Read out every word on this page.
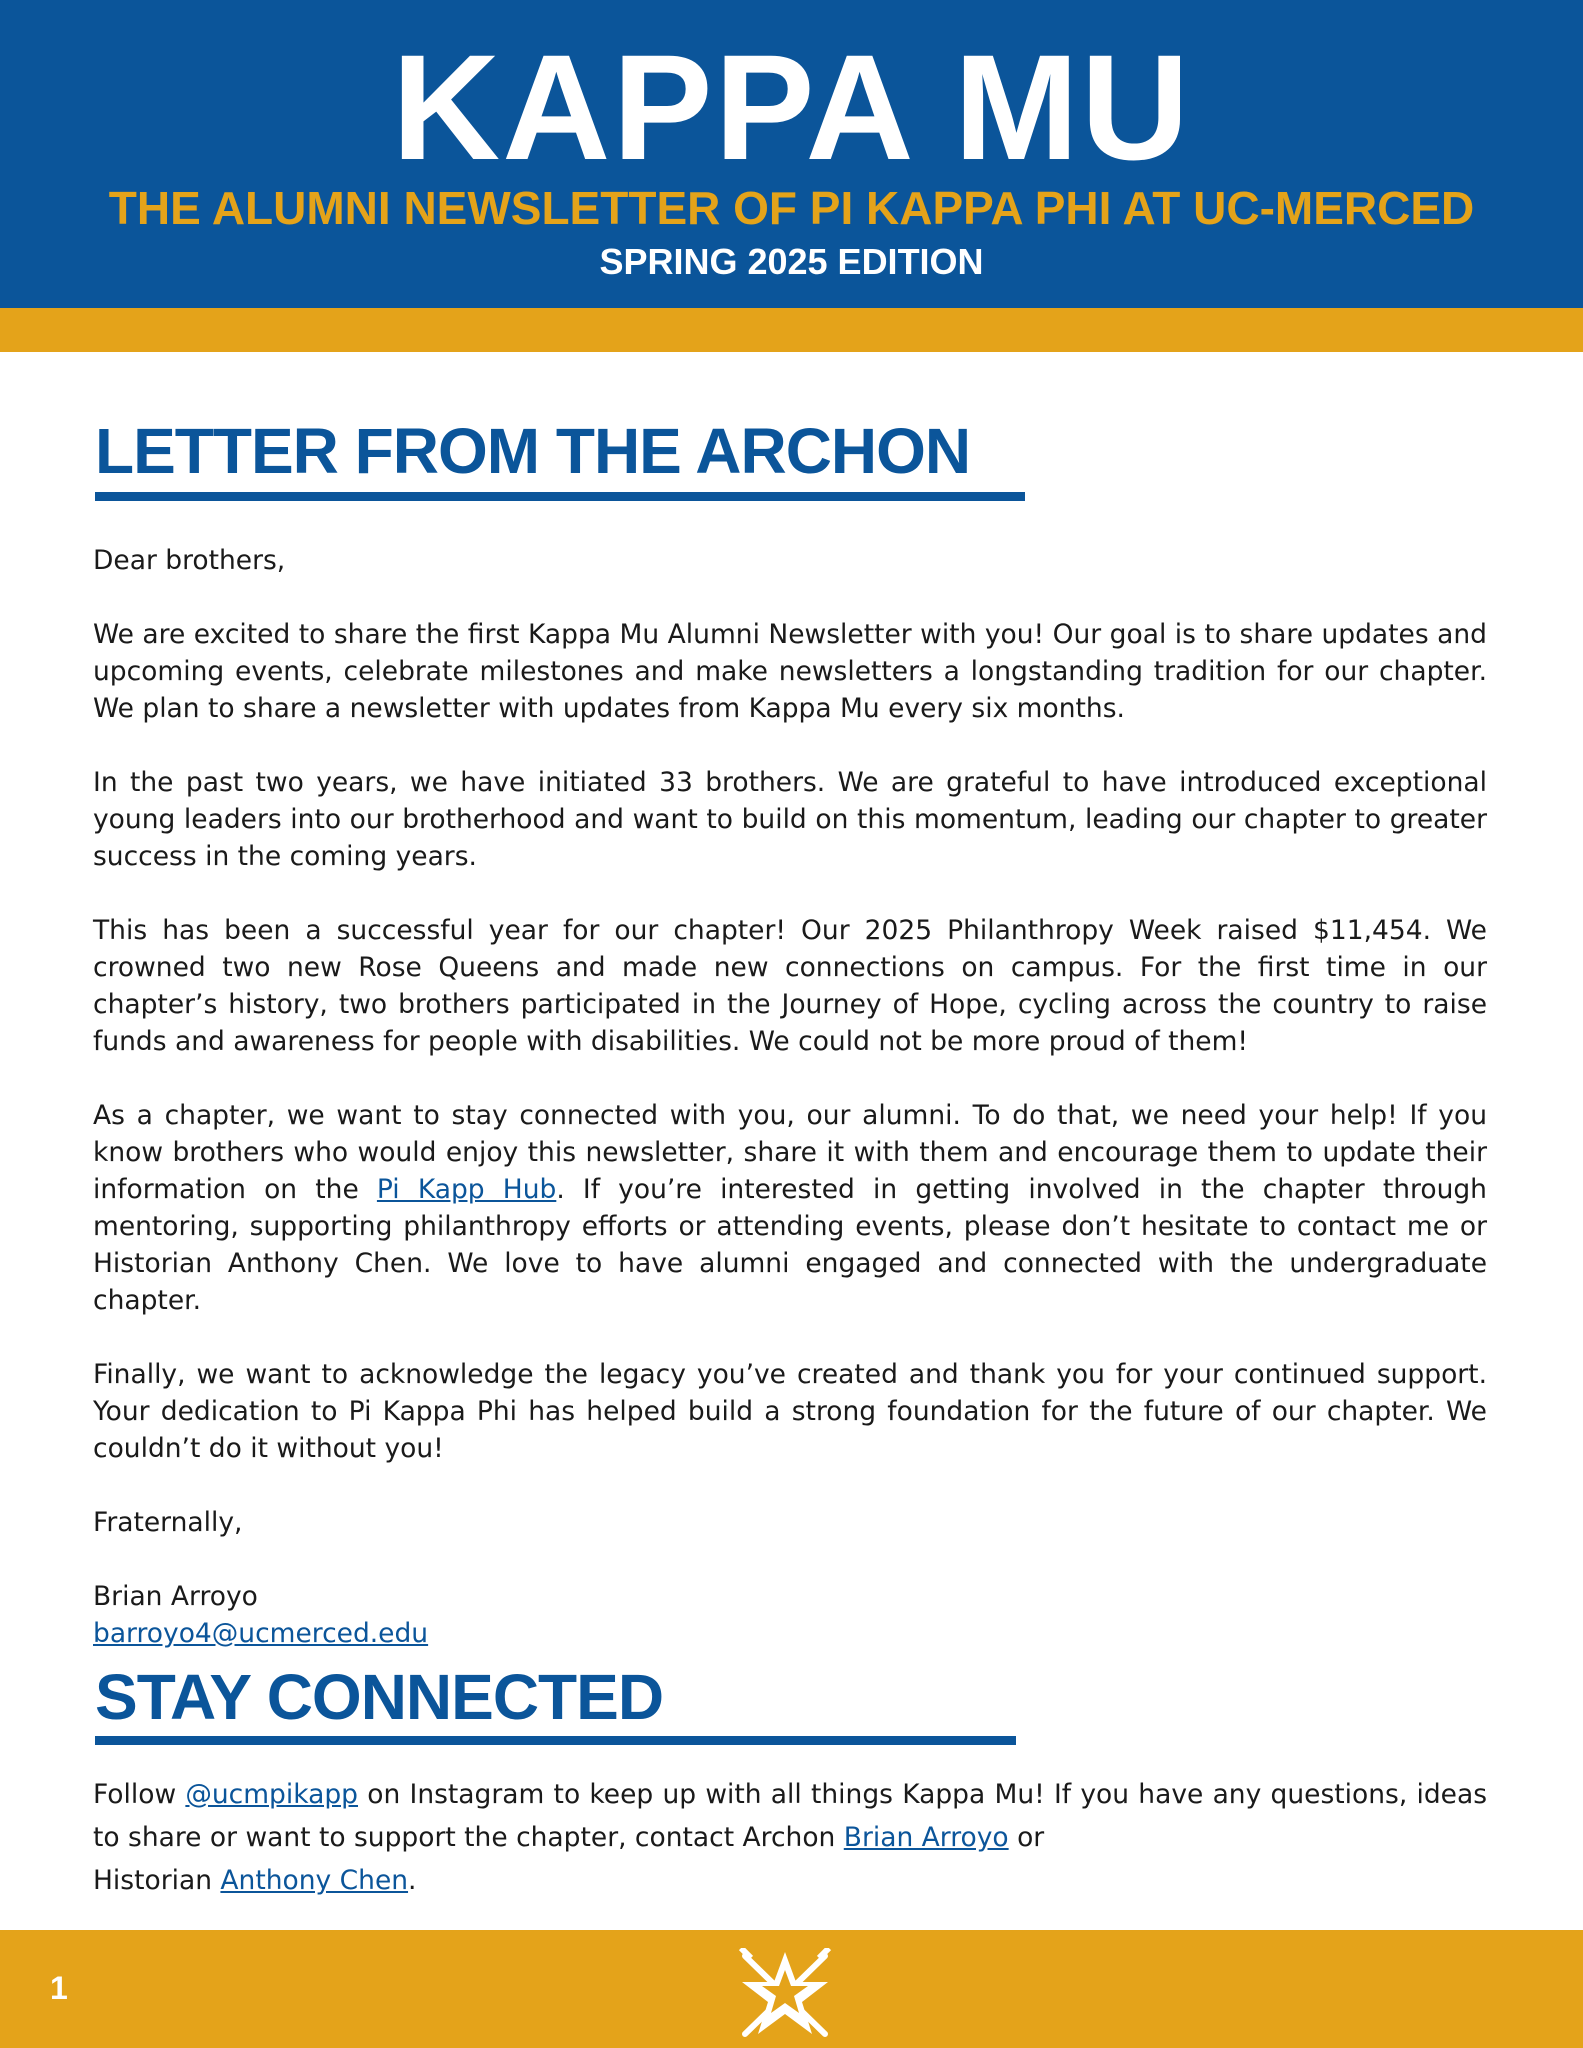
KAPPA MU
THE ALUMNI NEWSLETTER OF PI KAPPA PHI AT UC-MERCED
SPRING 2025 EDITION
LETTER FROM THE ARCHON

Dear brothers,

We are excited to share the first Kappa Mu Alumni Newsletter with you! Our goal is to share updates and upcoming events, celebrate milestones and make newsletters a longstanding tradition for our chapter. We plan to share a newsletter with updates from Kappa Mu every six months.

In the past two years, we have initiated 33 brothers. We are grateful to have introduced exceptional young leaders into our brotherhood and want to build on this momentum, leading our chapter to greater success in the coming years.

This has been a successful year for our chapter! Our 2025 Philanthropy Week raised $11,454. We crowned two new Rose Queens and made new connections on campus. For the first time in our chapter’s history, two brothers participated in the Journey of Hope, cycling across the country to raise funds and awareness for people with disabilities. We could not be more proud of them!

As a chapter, we want to stay connected with you, our alumni. To do that, we need your help! If you know brothers who would enjoy this newsletter, share it with them and encourage them to update their information on the Pi Kapp Hub. If you’re interested in getting involved in the chapter through mentoring, supporting philanthropy efforts or attending events, please don’t hesitate to contact me or Historian Anthony Chen. We love to have alumni engaged and connected with the undergraduate chapter.

Finally, we want to acknowledge the legacy you’ve created and thank you for your continued support. Your dedication to Pi Kappa Phi has helped build a strong foundation for the future of our chapter. We couldn’t do it without you!

Fraternally,

Brian Arroyo

barroyo4@ucmerced.edu

STAY CONNECTED

Follow @ucmpikapp on Instagram to keep up with all things Kappa Mu! If you have any questions, ideas to share or want to support the chapter, contact Archon Brian Arroyo or
Historian Anthony Chen.

1
